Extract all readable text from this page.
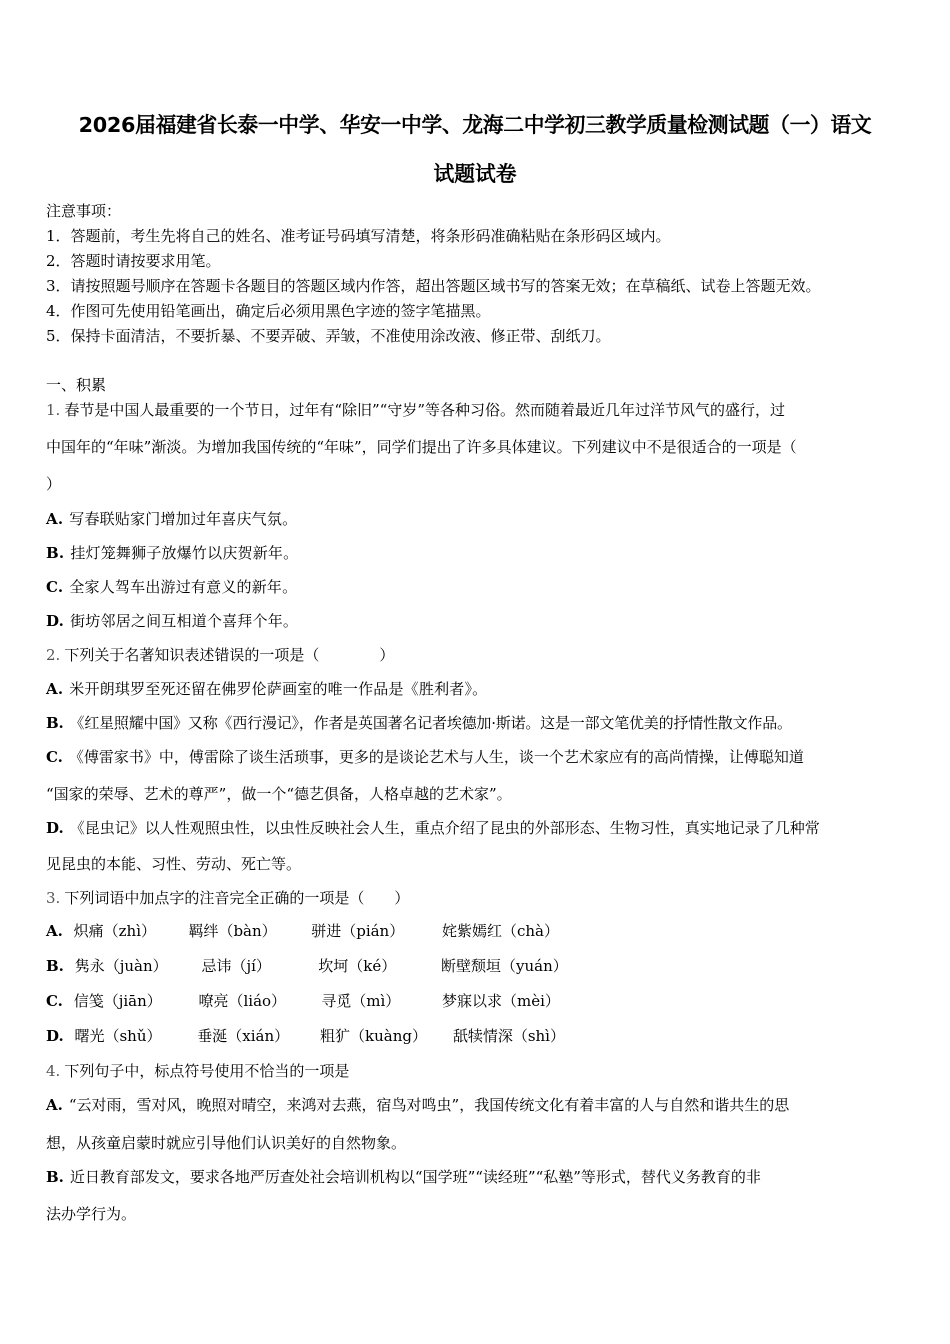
2026届福建省长泰一中学、华安一中学、龙海二中学初三教学质量检测试题（一）语文
试题试卷
注意事项：
1．答题前，考生先将自己的姓名、准考证号码填写清楚，将条形码准确粘贴在条形码区域内。
2．答题时请按要求用笔。
3．请按照题号顺序在答题卡各题目的答题区域内作答，超出答题区域书写的答案无效；在草稿纸、试卷上答题无效。
4．作图可先使用铅笔画出，确定后必须用黑色字迹的签字笔描黑。
5．保持卡面清洁，不要折暴、不要弄破、弄皱，不准使用涂改液、修正带、刮纸刀。
一、积累
1. 春节是中国人最重要的一个节日，过年有“除旧”“守岁”等各种习俗。然而随着最近几年过洋节风气的盛行，过
中国年的“年味”渐淡。为增加我国传统的“年味”，同学们提出了许多具体建议。下列建议中不是很适合的一项是（
）
A. 写春联贴家门增加过年喜庆气氛。
B. 挂灯笼舞狮子放爆竹以庆贺新年。
C. 全家人驾车出游过有意义的新年。
D. 街坊邻居之间互相道个喜拜个年。
2. 下列关于名著知识表述错误的一项是（　　　　）
A. 米开朗琪罗至死还留在佛罗伦萨画室的唯一作品是《胜利者》。
B. 《红星照耀中国》又称《西行漫记》，作者是英国著名记者埃德加·斯诺。这是一部文笔优美的抒情性散文作品。
C. 《傅雷家书》中，傅雷除了谈生活琐事，更多的是谈论艺术与人生，谈一个艺术家应有的高尚情操，让傅聪知道
“国家的荣辱、艺术的尊严”，做一个“德艺俱备，人格卓越的艺术家”。
D. 《昆虫记》以人性观照虫性，以虫性反映社会人生，重点介绍了昆虫的外部形态、生物习性，真实地记录了几种常
见昆虫的本能、习性、劳动、死亡等。
3. 下列词语中加点字的注音完全正确的一项是（　　）
A. 炽痛（zhì） 羁绊（bàn） 骈进（pián）	姹紫嫣红（chà）
B. 隽永（juàn） 忌讳（jí）	坎坷（ké）	断壁颓垣（yuán）
C. 信笺（jiān） 嘹亮（liáo） 寻觅（mì）	梦寐以求（mèi）
D. 曙光（shǔ） 垂涎（xián） 粗犷（kuàng） 舐犊情深（shì）
4. 下列句子中，标点符号使用不恰当的一项是
A. “云对雨，雪对风，晚照对晴空，来鸿对去燕，宿鸟对鸣虫”，我国传统文化有着丰富的人与自然和谐共生的思
想，从孩童启蒙时就应引导他们认识美好的自然物象。
B. 近日教育部发文，要求各地严厉查处社会培训机构以“国学班”“读经班”“私塾”等形式，替代义务教育的非
法办学行为。
